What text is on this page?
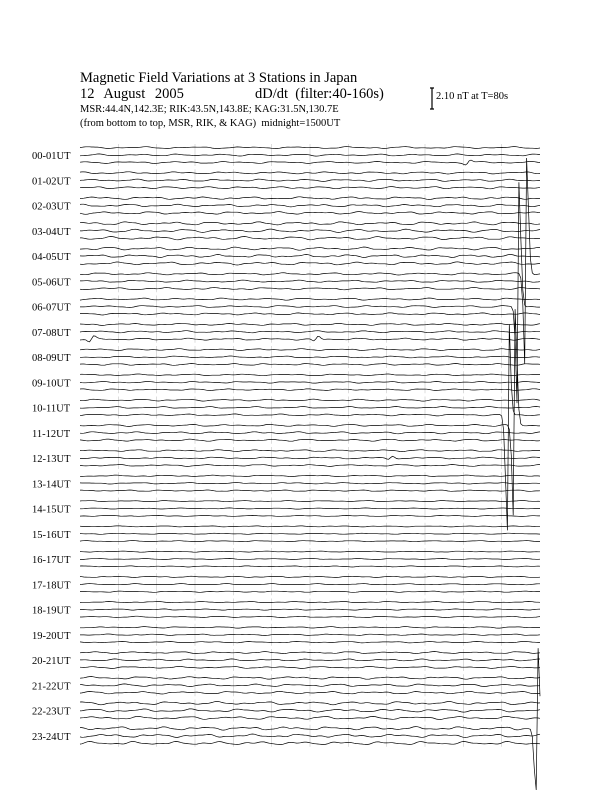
Magnetic Field Variations at 3 Stations in Japan
12 August 2005	dD/dt (filter:40-160s)
MSR:44.4N,142.3E; RIK:43.5N,143.8E; KAG:31.5N,130.7E
(from bottom to top, MSR, RIK, & KAG) midnight=1500UT
2.10 nT at T=80s
00-01UT
01-02UT
02-03UT
03-04UT
04-05UT
05-06UT
06-07UT
07-08UT
08-09UT
09-10UT
10-11UT
11-12UT
12-13UT
13-14UT
14-15UT
15-16UT
16-17UT
17-18UT
18-19UT
19-20UT
20-21UT
21-22UT
22-23UT
23-24UT
